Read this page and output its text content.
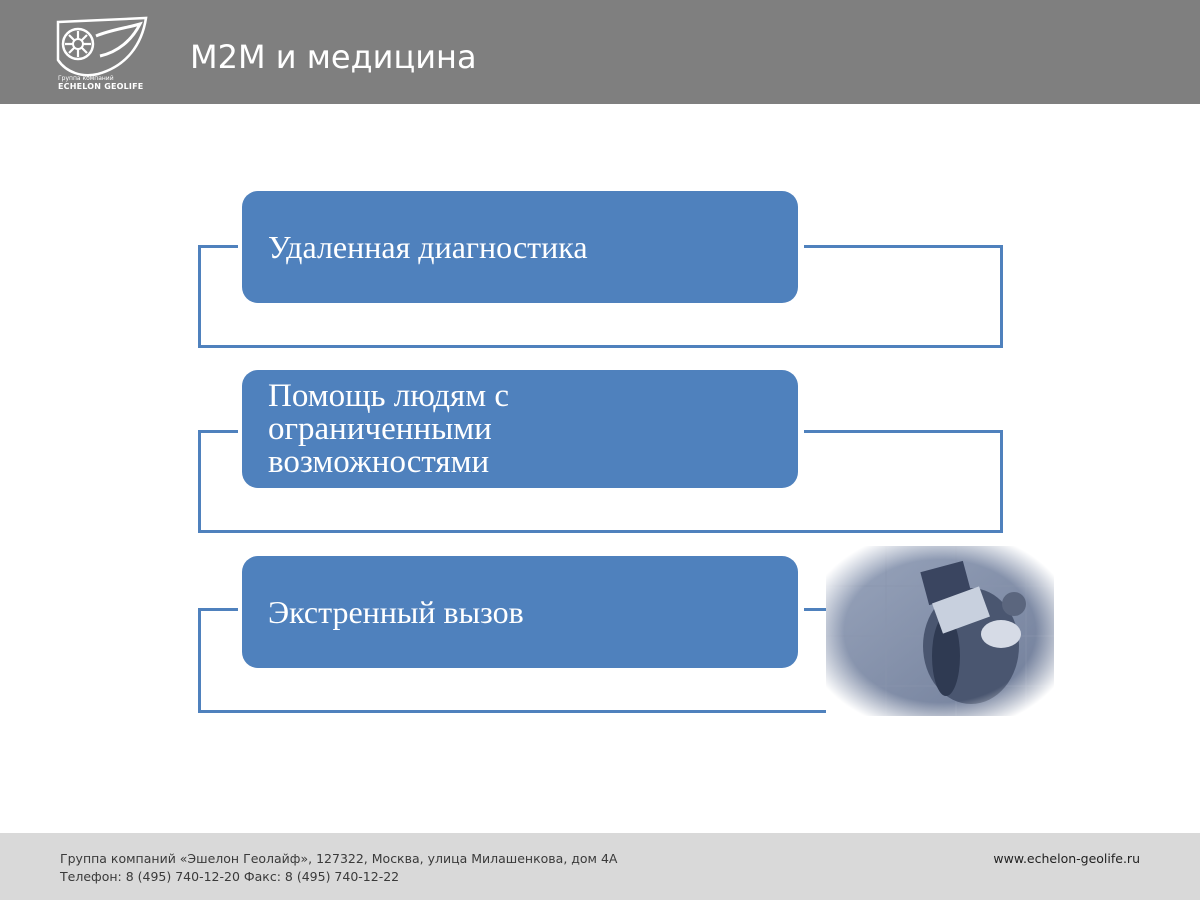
Группа компаний
ECHELON GEOLIFE
М2М и медицина
Удаленная диагностика
Помощь людям с ограниченными возможностями
Экстренный вызов
Группа компаний «Эшелон Геолайф», 127322, Москва, улица Милашенкова, дом 4А
Телефон: 8 (495) 740-12-20 Факс: 8 (495) 740-12-22
www.echelon-geolife.ru
